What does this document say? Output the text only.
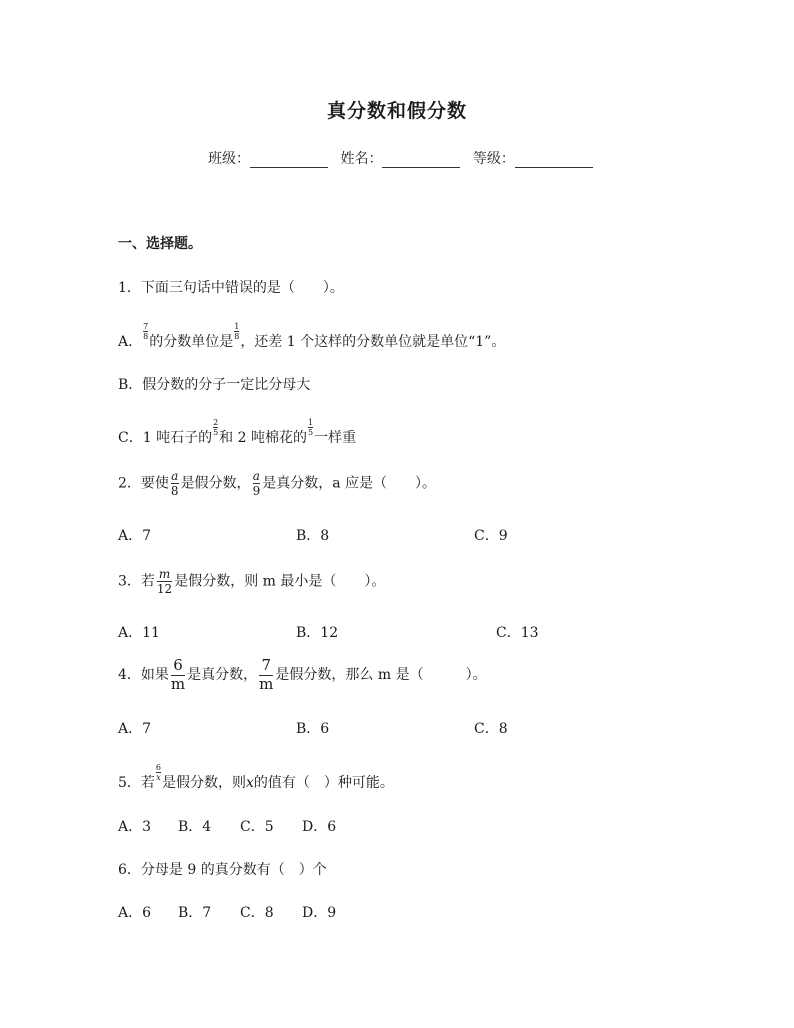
真分数和假分数
班级：	姓名：	等级：
一、选择题。
1．下面三句话中错误的是（　　）。
A．
$\frac{7}{8}$
的分数单位是
$\frac{1}{8}$
，还差 1 个这样的分数单位就是单位“1”。
B．假分数的分子一定比分母大
C．1 吨石子的
$\frac{2}{5}$
和 2 吨棉花的
$\frac{1}{5}$
一样重
2．要使 $\frac{a}{8}$ 是假分数， $\frac{a}{9}$ 是真分数，a 应是（　　）。
A．7	B．8	C．9
3．若 $\frac{m}{12}$ 是假分数，则 m 最小是（　　）。
A．11	B．12	C．13
4．如果 $\frac{6}{m}$ 是真分数， $\frac{7}{m}$ 是假分数，那么 m 是（　　　）。
A．7	B．6	C．8
5．若
$\frac{6}{x}$
是假分数，则x的值有（　）种可能。
A．3 B．4 C．5 D．6
6．分母是 9 的真分数有（　）个
A．6 B．7 C．8 D．9
